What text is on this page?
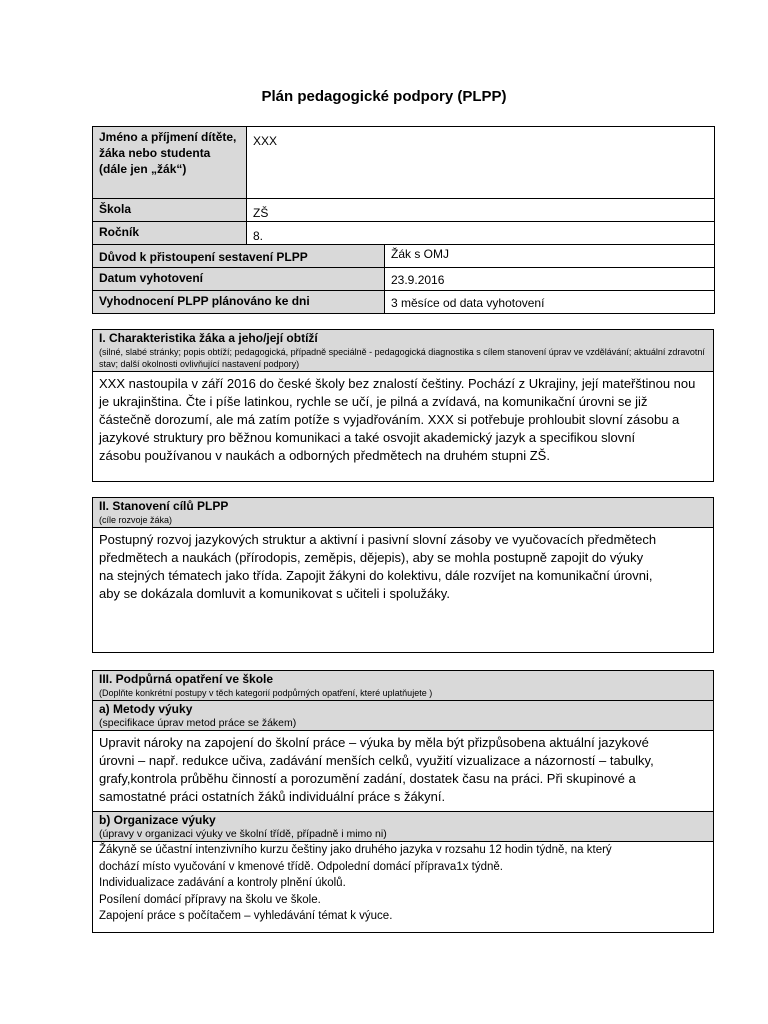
Plán pedagogické podpory (PLPP)
Jméno a příjmení dítěte, žáka nebo studenta (dále jen „žák“)	XXX	
Škola	ZŠ	
Ročník	8.	
Důvod k přistoupení sestavení PLPP		Žák s OMJ
Datum vyhotovení		23.9.2016
Vyhodnocení PLPP plánováno ke dni		3 měsíce od data vyhotovení
I. Charakteristika žáka a jeho/její obtíží
(silné, slabé stránky; popis obtíží; pedagogická, případně speciálně - pedagogická diagnostika s cílem stanovení úprav ve vzdělávání; aktuální zdravotní stav; další okolnosti ovlivňující nastavení podpory)
XXX nastoupila v září 2016 do české školy bez znalostí češtiny. Pochází z Ukrajiny, její mateřštinou nou
je ukrajinština. Čte i píše latinkou, rychle se učí, je pilná a zvídavá, na komunikační úrovni se již
částečně dorozumí, ale má zatím potíže s vyjadřováním. XXX si potřebuje prohloubit slovní zásobu a
jazykové struktury pro běžnou komunikaci a také osvojit akademický jazyk a specifikou slovní
zásobu používanou v naukách a odborných předmětech na druhém stupni ZŠ.
II. Stanovení cílů PLPP
(cíle rozvoje žáka)
Postupný rozvoj jazykových struktur a aktivní i pasivní slovní zásoby ve vyučovacích předmětech
předmětech a naukách (přírodopis, zeměpis, dějepis), aby se mohla postupně zapojit do výuky
na stejných tématech jako třída. Zapojit žákyni do kolektivu, dále rozvíjet na komunikační úrovni,
aby se dokázala domluvit a komunikovat s učiteli i spolužáky.
III. Podpůrná opatření ve škole
(Doplňte konkrétní postupy v těch kategorií podpůrných opatření, které uplatňujete )
a) Metody výuky
(specifikace úprav metod práce se žákem)
Upravit nároky na zapojení do školní práce – výuka by měla být přizpůsobena aktuální jazykové
úrovni – např. redukce učiva, zadávání menších celků, využití vizualizace a názorností – tabulky,
grafy,kontrola průběhu činností a porozumění zadání, dostatek času na práci. Při skupinové a
samostatné práci ostatních žáků individuální práce s žákyní.
b) Organizace výuky
(úpravy v organizaci výuky ve školní třídě, případně i mimo ni)
Žákyně se účastní intenzivního kurzu češtiny jako druhého jazyka v rozsahu 12 hodin týdně, na který
dochází místo vyučování v kmenové třídě. Odpolední domácí příprava1x týdně.
Individualizace zadávání a kontroly plnění úkolů.
Posílení domácí přípravy na školu ve škole.
Zapojení práce s počítačem – vyhledávání témat k výuce.
